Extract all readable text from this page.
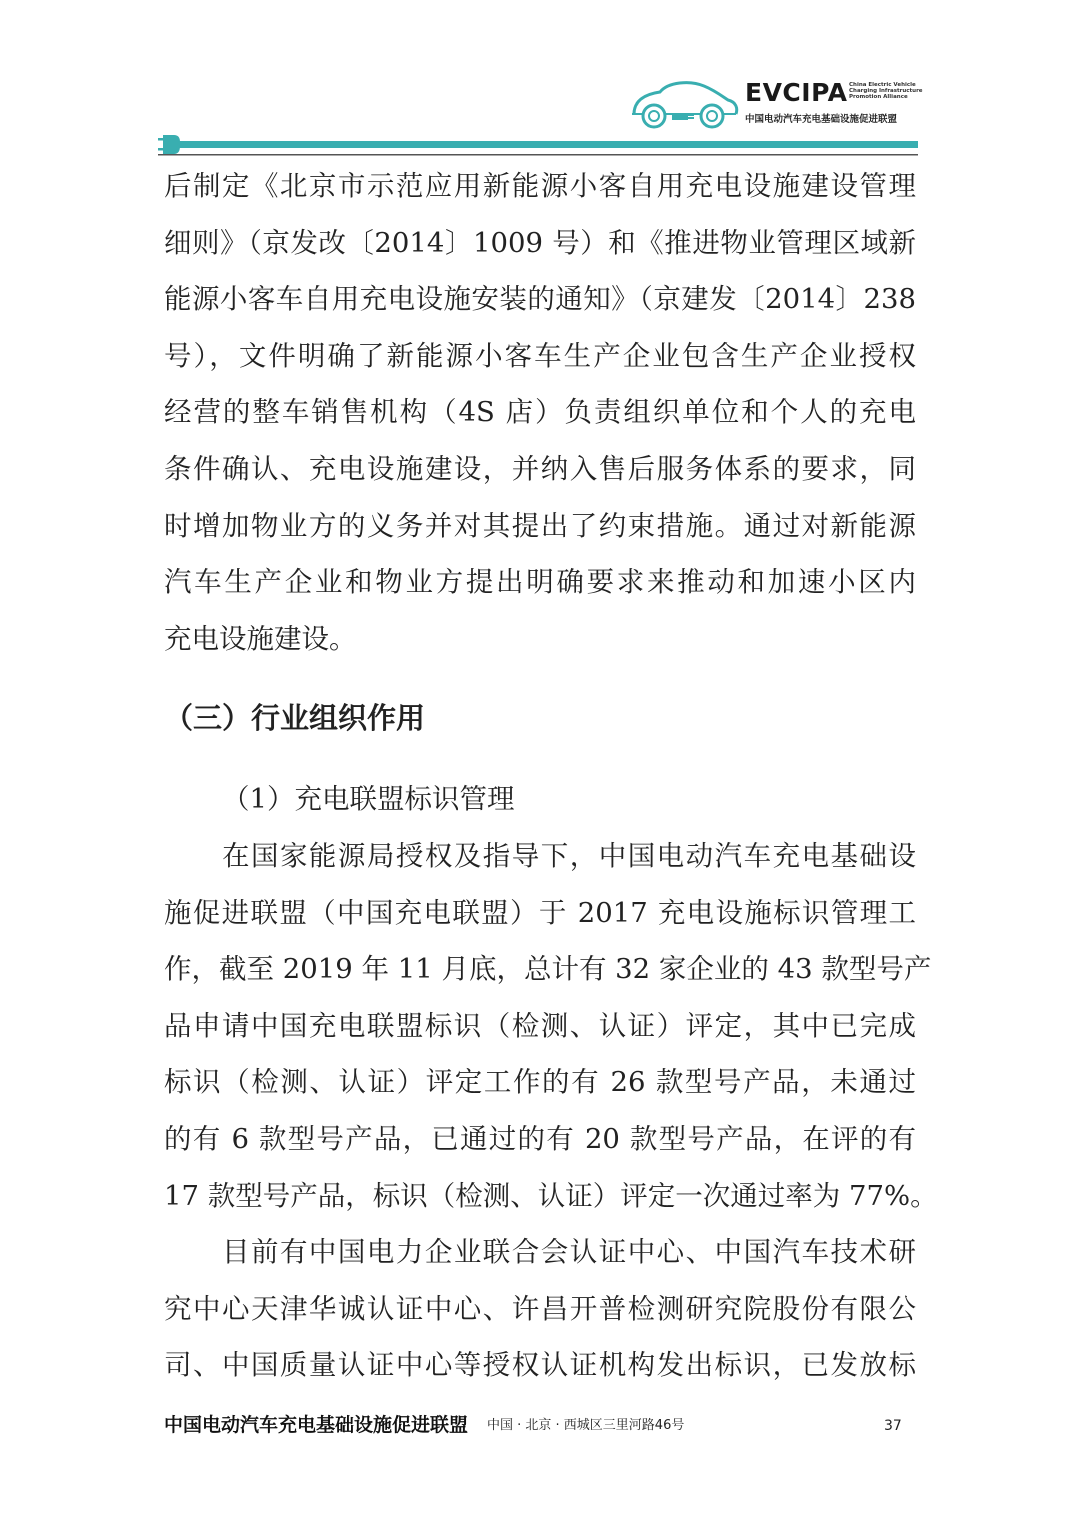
EVCIPA China Electric Vehicle
Charging Infrastructure
Promotion Alliance
中国电动汽车充电基础设施促进联盟
后制定《北京市示范应用新能源小客自用充电设施建设管理
细则》（京发改〔2014〕1009 号）和《推进物业管理区域新
能源小客车自用充电设施安装的通知》（京建发〔2014〕238
号），文件明确了新能源小客车生产企业包含生产企业授权
经营的整车销售机构（4S 店）负责组织单位和个人的充电
条件确认、充电设施建设，并纳入售后服务体系的要求，同
时增加物业方的义务并对其提出了约束措施。通过对新能源
汽车生产企业和物业方提出明确要求来推动和加速小区内
充电设施建设。
（三）行业组织作用
（1）充电联盟标识管理
在国家能源局授权及指导下，中国电动汽车充电基础设
施促进联盟（中国充电联盟）于 2017 充电设施标识管理工
作，截至 2019 年 11 月底，总计有 32 家企业的 43 款型号产
品申请中国充电联盟标识（检测、认证）评定，其中已完成
标识（检测、认证）评定工作的有 26 款型号产品，未通过
的有 6 款型号产品，已通过的有 20 款型号产品，在评的有
17 款型号产品，标识（检测、认证）评定一次通过率为 77%。
目前有中国电力企业联合会认证中心、中国汽车技术研
究中心天津华诚认证中心、许昌开普检测研究院股份有限公
司、中国质量认证中心等授权认证机构发出标识，已发放标
中国电动汽车充电基础设施促进联盟 中国 · 北京 · 西城区三里河路46号	37
